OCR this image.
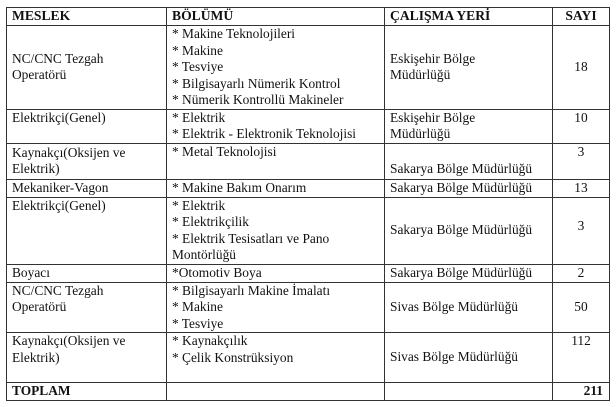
MESLEK	BÖLÜMÜ	ÇALIŞMA YERİ	SAYI

NC/CNC Tezgah
Operatörü	* Makine Teknolojileri
* Makine
* Tesviye
* Bilgisayarlı Nümerik Kontrol
* Nümerik Kontrollü Makineler	Eskişehir Bölge
Müdürlüğü	18

Elektrikçi(Genel)	* Elektrik
* Elektrik - Elektronik Teknolojisi	Eskişehir Bölge
Müdürlüğü	10

Kaynakçı(Oksijen ve
Elektrik)	* Metal Teknolojisi	Sakarya Bölge Müdürlüğü	3

Mekaniker-Vagon	* Makine Bakım Onarım	Sakarya Bölge Müdürlüğü	13

Elektrikçi(Genel)	* Elektrik
* Elektrikçilik
* Elektrik Tesisatları ve Pano
Montörlüğü	Sakarya Bölge Müdürlüğü	3

Boyacı	*Otomotiv Boya	Sakarya Bölge Müdürlüğü	2

NC/CNC Tezgah
Operatörü	* Bilgisayarlı Makine İmalatı
* Makine
* Tesviye	Sivas Bölge Müdürlüğü	50

Kaynakçı(Oksijen ve
Elektrik)	* Kaynakçılık
* Çelik Konstrüksiyon	Sivas Bölge Müdürlüğü	112
TOPLAM			211
